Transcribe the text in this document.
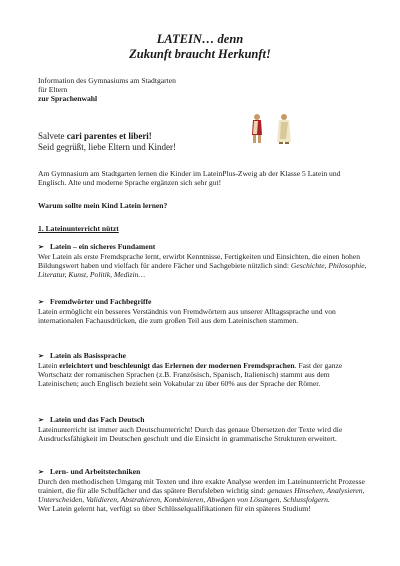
LATEIN… denn
Zukunft braucht Herkunft!
Information des Gymnasiums am Stadtgarten
für Eltern
zur Sprachenwahl
Salvete cari parentes et liberi!
Seid gegrüßt, liebe Eltern und Kinder!
Am Gymnasium am Stadtgarten lernen die Kinder im LateinPlus-Zweig ab der Klasse 5 Latein und Englisch. Alte und moderne Sprache ergänzen sich sehr gut!
Warum sollte mein Kind Latein lernen?
1. Lateinunterricht nützt
➢ Latein – ein sicheres Fundament

Wer Latein als erste Fremdsprache lernt, erwirbt Kenntnisse, Fertigkeiten und Einsichten, die einen hohen Bildungswert haben und vielfach für andere Fächer und Sachgebiete nützlich sind: Geschichte, Philosophie, Literatur, Kunst, Politik, Medizin…

➢ Fremdwörter und Fachbegriffe

Latein ermöglicht ein besseres Verständnis von Fremdwörtern aus unserer Alltagssprache und von internationalen Fachausdrücken, die zum großen Teil aus dem Lateinischen stammen.

➢ Latein als Basissprache

Latein erleichtert und beschleunigt das Erlernen der modernen Fremdsprachen. Fast der ganze Wortschatz der romanischen Sprachen (z.B. Französisch, Spanisch, Italienisch) stammt aus dem Lateinischen; auch Englisch bezieht sein Vokabular zu über 60% aus der Sprache der Römer.

➢ Latein und das Fach Deutsch

Lateinunterricht ist immer auch Deutschunterricht! Durch das genaue Übersetzen der Texte wird die Ausdrucksfähigkeit im Deutschen geschult und die Einsicht in grammatische Strukturen erweitert.

➢ Lern- und Arbeitstechniken

Durch den methodischen Umgang mit Texten und ihre exakte Analyse werden im Lateinunterricht Prozesse trainiert, die für alle Schulfächer und das spätere Berufsleben wichtig sind: genaues Hinsehen, Analysieren, Unterscheiden, Validieren, Abstrahieren, Kombinieren, Abwägen von Lösungen, Schlussfolgern.

Wer Latein gelernt hat, verfügt so über Schlüsselqualifikationen für ein späteres Studium!
